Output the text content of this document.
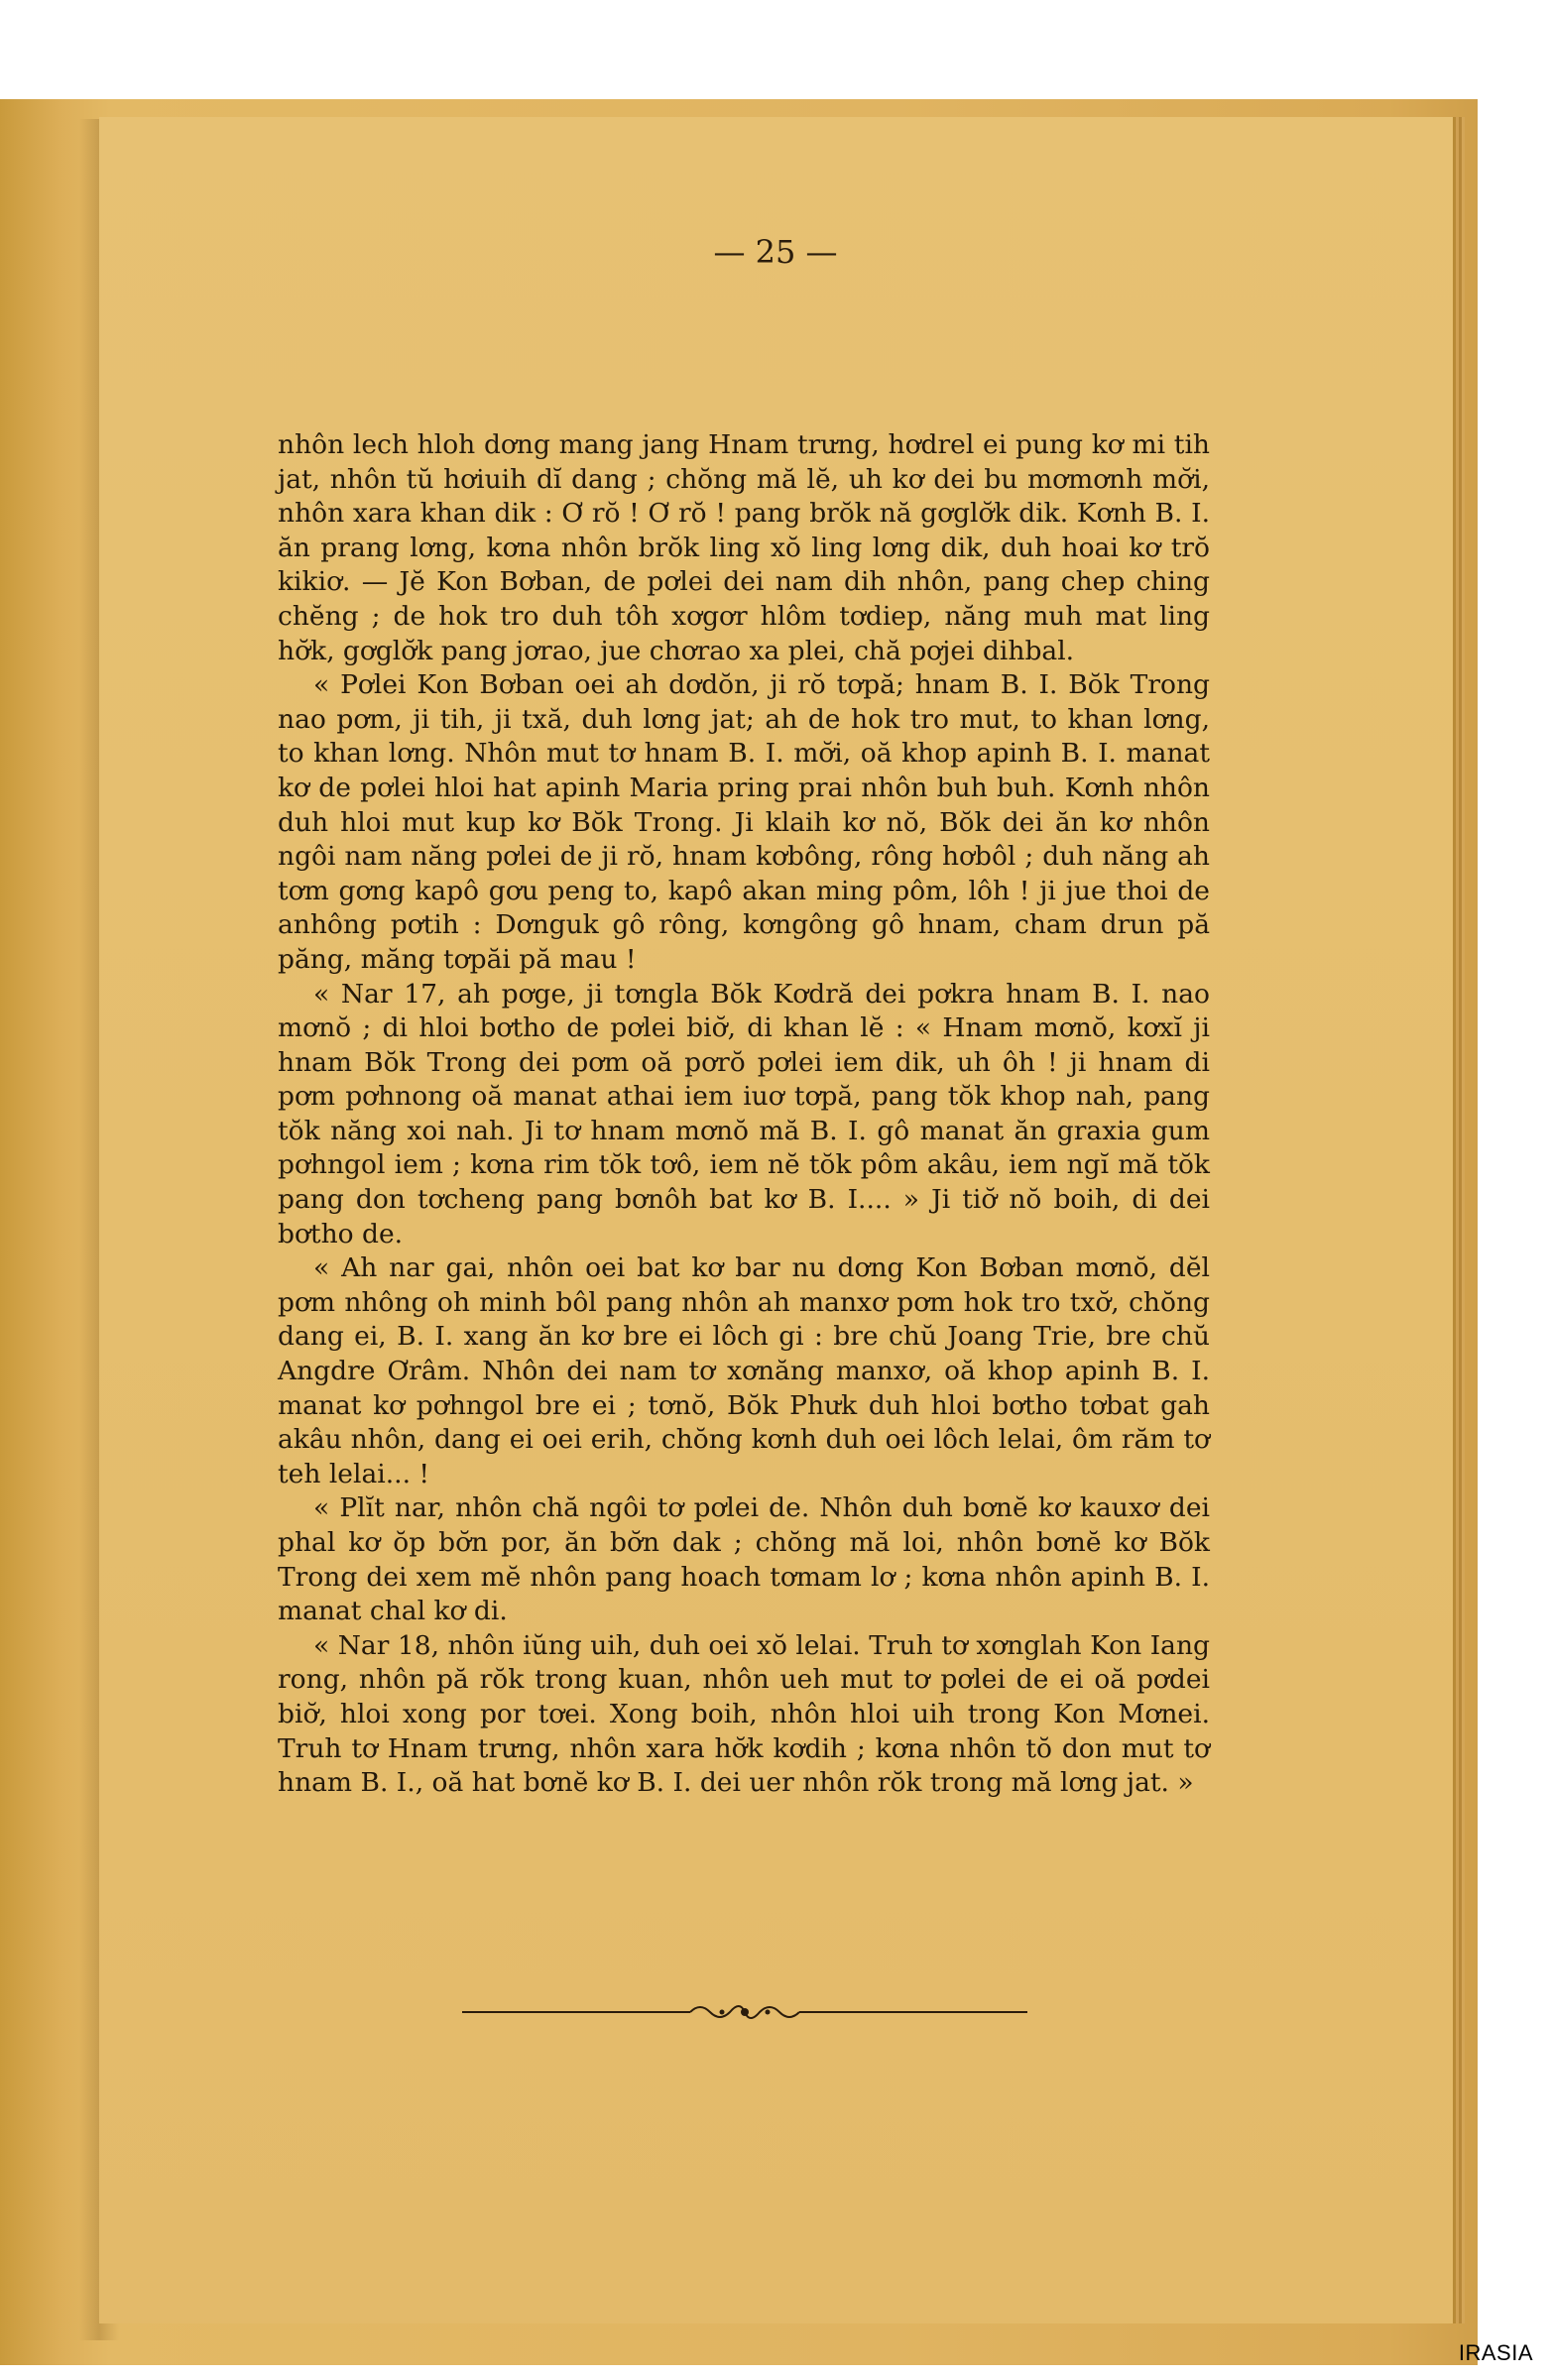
— 25 —

nhôn lech hloh dơng mang jang Hnam trưng, hơdrel ei pung kơ mi tih jat, nhôn tŭ hơiuih dĭ dang ; chŏng mă lĕ, uh kơ dei bu mơmơnh mơ̆i, nhôn xara khan dik : Ơ rŏ ! Ơ rŏ ! pang brŏk nă gơglơ̆k dik. Kơnh B. I. ăn prang lơng, kơna nhôn brŏk ling xŏ ling lơng dik, duh hoai kơ trŏ kikiơ. — Jĕ Kon Bơban, de pơlei dei nam dih nhôn, pang chep ching chĕng ; de hok tro duh tôh xơgơr hlôm tơdiep, năng muh mat ling hơ̆k, gơglơ̆k pang jơrao, jue chơrao xa plei, chă pơjei dihbal.

« Pơlei Kon Bơban oei ah dơdŏn, ji rŏ tơpă; hnam B. I. Bŏk Trong nao pơm, ji tih, ji txă, duh lơng jat; ah de hok tro mut, to khan lơng, to khan lơng. Nhôn mut tơ hnam B. I. mơ̆i, oă khop apinh B. I. manat kơ de pơlei hloi hat apinh Maria pring prai nhôn buh buh. Kơnh nhôn duh hloi mut kup kơ Bŏk Trong. Ji klaih kơ nŏ, Bŏk dei ăn kơ nhôn ngôi nam năng pơlei de ji rŏ, hnam kơbông, rông hơbôl ; duh năng ah tơm gơng kapô gơu peng to, kapô akan ming pôm, lôh ! ji jue thoi de anhông pơtih : Dơnguk gô rông, kơngông gô hnam, cham drun pă păng, măng tơpăi pă mau !

« Nar 17, ah pơge, ji tơngla Bŏk Kơdră dei pơkra hnam B. I. nao mơnŏ ; di hloi bơtho de pơlei biơ̆, di khan lĕ : « Hnam mơnŏ, kơxĭ ji hnam Bŏk Trong dei pơm oă pơrŏ pơlei iem dik, uh ôh ! ji hnam di pơm pơhnong oă manat athai iem iuơ tơpă, pang tŏk khop nah, pang tŏk năng xoi nah. Ji tơ hnam mơnŏ mă B. I. gô manat ăn graxia gum pơhngol iem ; kơna rim tŏk tơô, iem nĕ tŏk pôm akâu, iem ngĭ mă tŏk pang don tơcheng pang bơnôh bat kơ B. I.... » Ji tiơ̆ nŏ boih, di dei bơtho de.

« Ah nar gai, nhôn oei bat kơ bar nu dơng Kon Bơban mơnŏ, dĕl pơm nhông oh minh bôl pang nhôn ah manxơ pơm hok tro txơ̆, chŏng dang ei, B. I. xang ăn kơ bre ei lôch gi : bre chŭ Joang Trie, bre chŭ Angdre Ơrâm. Nhôn dei nam tơ xơnăng manxơ, oă khop apinh B. I. manat kơ pơhngol bre ei ; tơnŏ, Bŏk Phưk duh hloi bơtho tơbat gah akâu nhôn, dang ei oei erih, chŏng kơnh duh oei lôch lelai, ôm răm tơ teh lelai... !

« Plĭt nar, nhôn chă ngôi tơ pơlei de. Nhôn duh bơnĕ kơ kauxơ dei phal kơ ŏp bơ̆n por, ăn bơ̆n dak ; chŏng mă loi, nhôn bơnĕ kơ Bŏk Trong dei xem mĕ nhôn pang hoach tơmam lơ ; kơna nhôn apinh B. I. manat chal kơ di.

« Nar 18, nhôn iŭng uih, duh oei xŏ lelai. Truh tơ xơnglah Kon Iang rong, nhôn pă rŏk trong kuan, nhôn ueh mut tơ pơlei de ei oă pơdei biơ̆, hloi xong por tơei. Xong boih, nhôn hloi uih trong Kon Mơnei. Truh tơ Hnam trưng, nhôn xara hơ̆k kơdih ; kơna nhôn tŏ don mut tơ hnam B. I., oă hat bơnĕ kơ B. I. dei uer nhôn rŏk trong mă lơng jat. »

IRASIA
